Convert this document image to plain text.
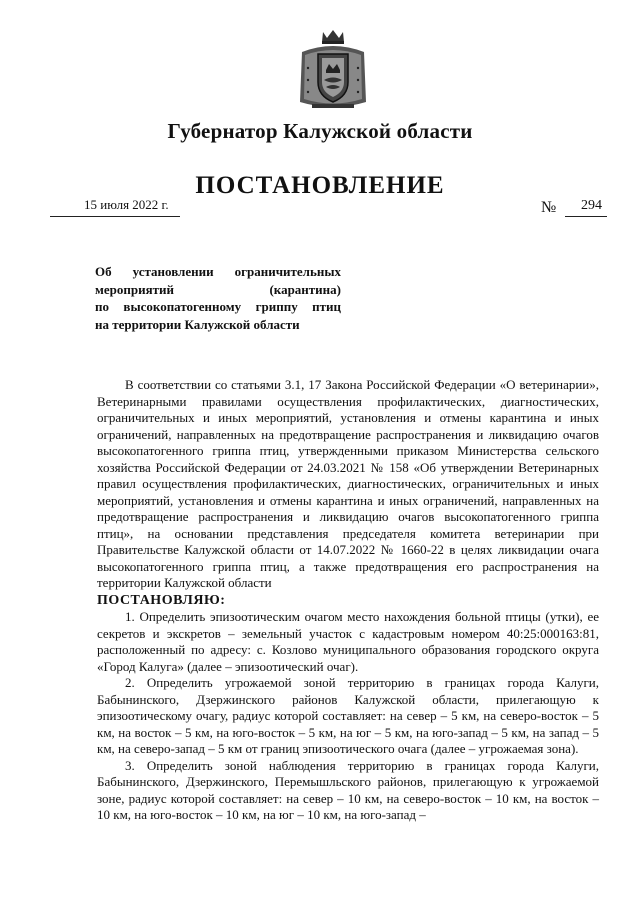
Губернатор Калужской области
ПОСТАНОВЛЕНИЕ
15 июля 2022 г.	№ 294
Об установлении ограничительных
мероприятий (карантина)
по высокопатогенному гриппу птиц
на территории Калужской области

В соответствии со статьями 3.1, 17 Закона Российской Федерации «О ветеринарии», Ветеринарными правилами осуществления профилактических, диагностических, ограничительных и иных мероприятий, установления и отмены карантина и иных ограничений, направленных на предотвращение распространения и ликвидацию очагов высокопатогенного гриппа птиц, утвержденными приказом Министерства сельского хозяйства Российской Федерации от 24.03.2021 № 158 «Об утверждении Ветеринарных правил осуществления профилактических, диагностических, ограничительных и иных мероприятий, установления и отмены карантина и иных ограничений, направленных на предотвращение распространения и ликвидацию очагов высокопатогенного гриппа птиц», на основании представления председателя комитета ветеринарии при Правительстве Калужской области от 14.07.2022 № 1660-22 в целях ликвидации очага высокопатогенного гриппа птиц, а также предотвращения его распространения на территории Калужской области

ПОСТАНОВЛЯЮ:

1. Определить эпизоотическим очагом место нахождения больной птицы (утки), ее секретов и экскретов – земельный участок с кадастровым номером 40:25:000163:81, расположенный по адресу: с. Козлово муниципального образования городского округа «Город Калуга» (далее – эпизоотический очаг).

2. Определить угрожаемой зоной территорию в границах города Калуги, Бабынинского, Дзержинского районов Калужской области, прилегающую к эпизоотическому очагу, радиус которой составляет: на север – 5 км, на северо-восток – 5 км, на восток – 5 км, на юго-восток – 5 км, на юг – 5 км, на юго-запад – 5 км, на запад – 5 км, на северо-запад – 5 км от границ эпизоотического очага (далее – угрожаемая зона).

3. Определить зоной наблюдения территорию в границах города Калуги, Бабынинского, Дзержинского, Перемышльского районов, прилегающую к угрожаемой зоне, радиус которой составляет: на север – 10 км, на северо-восток – 10 км, на восток – 10 км, на юго-восток – 10 км, на юг – 10 км, на юго-запад –
